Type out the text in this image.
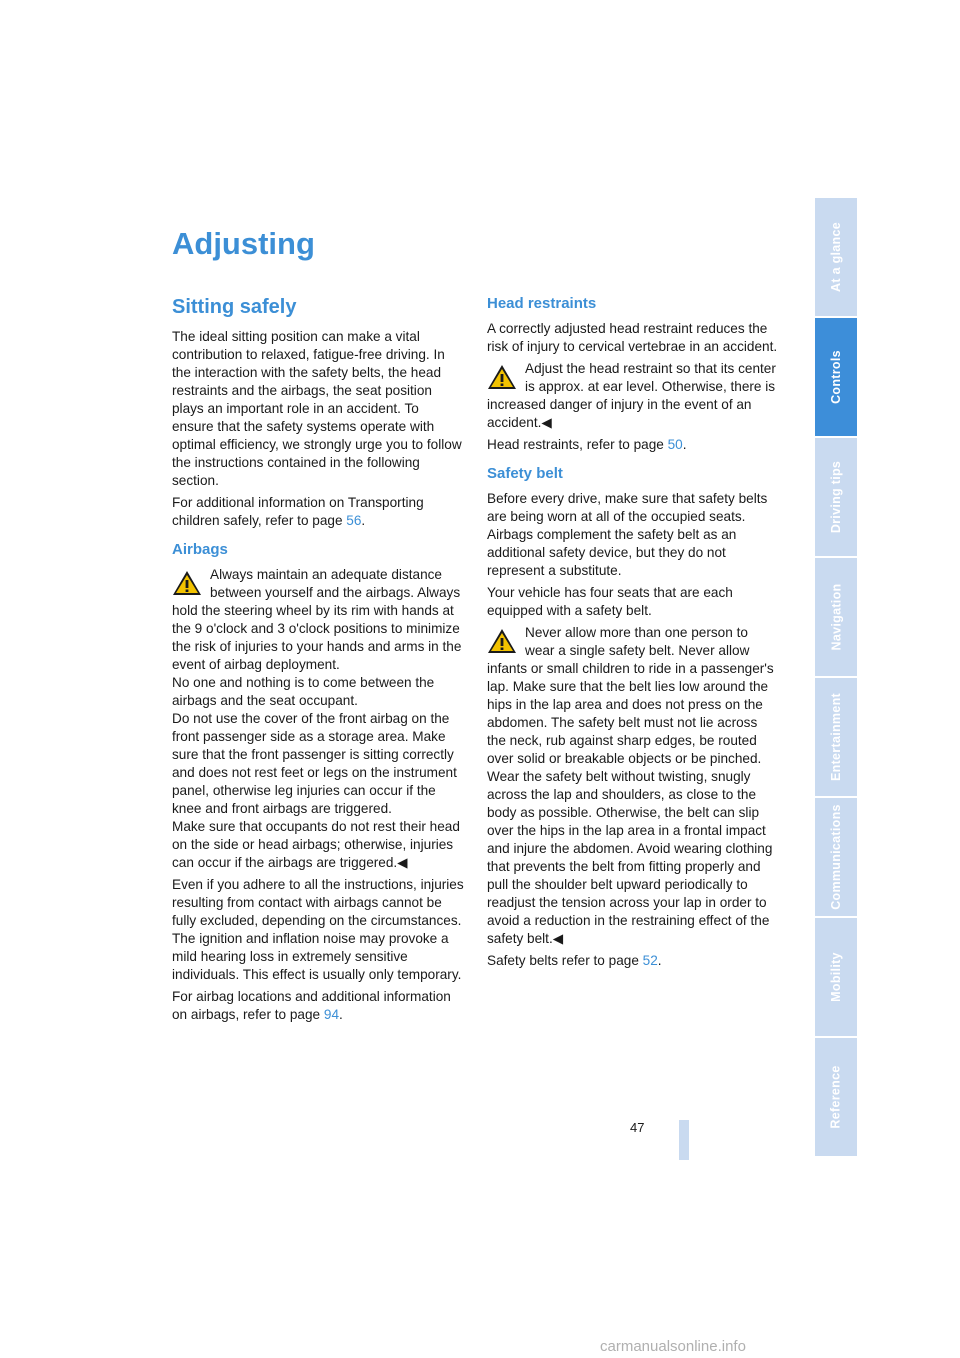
Adjusting
Sitting safely

The ideal sitting position can make a vital contribution to relaxed, fatigue-free driving. In the interaction with the safety belts, the head restraints and the airbags, the seat position plays an important role in an accident. To ensure that the safety systems operate with optimal efficiency, we strongly urge you to follow the instructions contained in the following section.

For additional information on Transporting children safely, refer to page 56.

Airbags

Always maintain an adequate distance between yourself and the airbags. Always hold the steering wheel by its rim with hands at the 9 o'clock and 3 o'clock positions to minimize the risk of injuries to your hands and arms in the event of airbag deployment.

No one and nothing is to come between the airbags and the seat occupant.

Do not use the cover of the front airbag on the front passenger side as a storage area. Make sure that the front passenger is sitting correctly and does not rest feet or legs on the instrument panel, otherwise leg injuries can occur if the knee and front airbags are triggered.

Make sure that occupants do not rest their head on the side or head airbags; otherwise, injuries can occur if the airbags are triggered.◀

Even if you adhere to all the instructions, injuries resulting from contact with airbags cannot be fully excluded, depending on the circumstances. The ignition and inflation noise may provoke a mild hearing loss in extremely sensitive individuals. This effect is usually only temporary.

For airbag locations and additional information on airbags, refer to page 94.

Head restraints

A correctly adjusted head restraint reduces the risk of injury to cervical vertebrae in an accident.

Adjust the head restraint so that its center is approx. at ear level. Otherwise, there is increased danger of injury in the event of an accident.◀

Head restraints, refer to page 50.

Safety belt

Before every drive, make sure that safety belts are being worn at all of the occupied seats. Airbags complement the safety belt as an additional safety device, but they do not represent a substitute.

Your vehicle has four seats that are each equipped with a safety belt.

Never allow more than one person to wear a single safety belt. Never allow infants or small children to ride in a passenger's lap. Make sure that the belt lies low around the hips in the lap area and does not press on the abdomen. The safety belt must not lie across the neck, rub against sharp edges, be routed over solid or breakable objects or be pinched. Wear the safety belt without twisting, snugly across the lap and shoulders, as close to the body as possible. Otherwise, the belt can slip over the hips in the lap area in a frontal impact and injure the abdomen. Avoid wearing clothing that prevents the belt from fitting properly and pull the shoulder belt upward periodically to readjust the tension across your lap in order to avoid a reduction in the restraining effect of the safety belt.◀

Safety belts refer to page 52.

47
At a glance
Controls
Driving tips
Navigation
Entertainment
Communications
Mobility
Reference
carmanualsonline.info
